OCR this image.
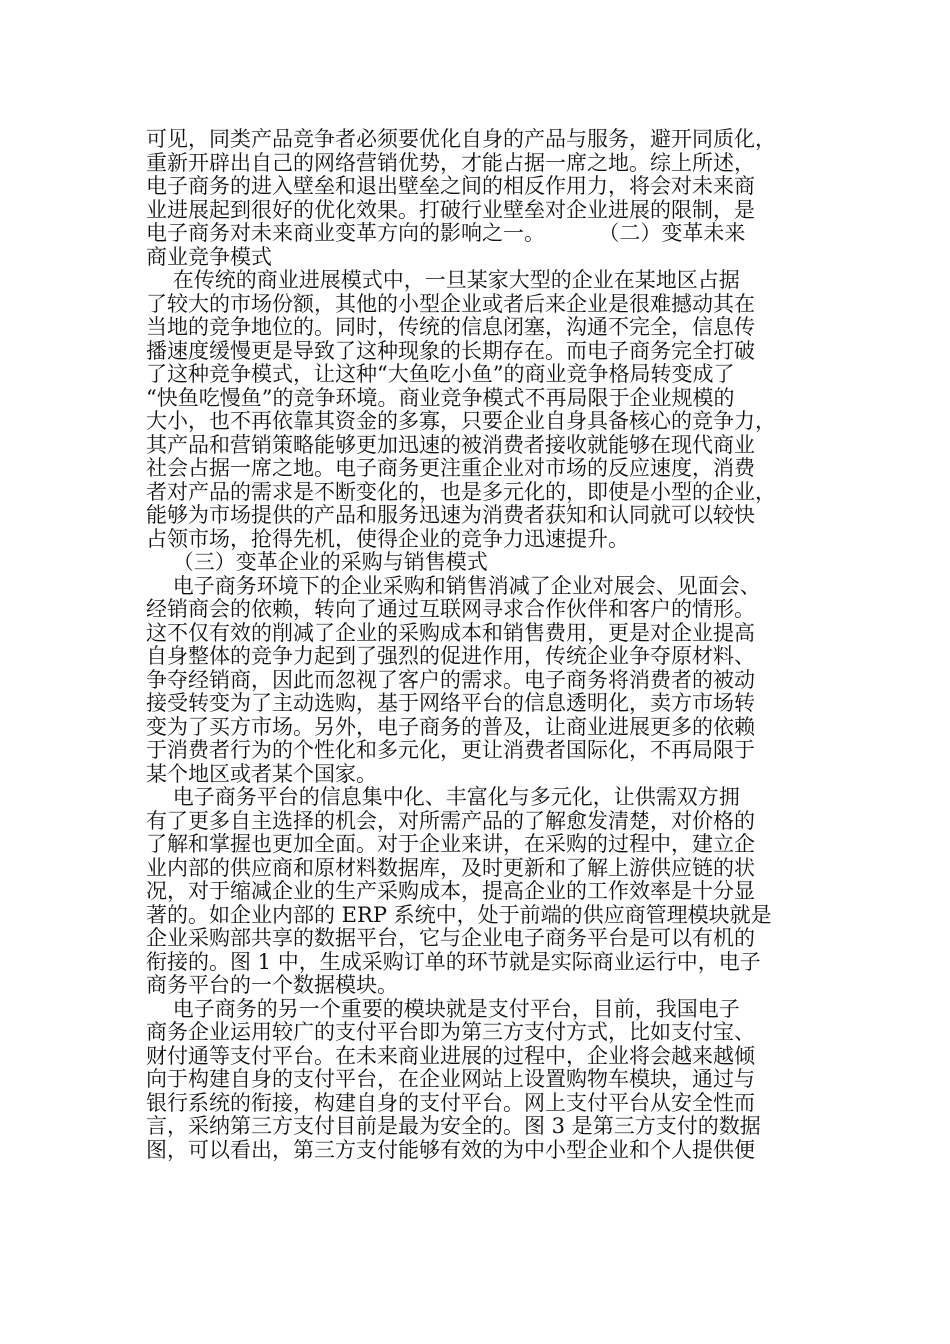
可见，同类产品竞争者必须要优化自身的产品与服务，避开同质化，
重新开辟出自己的网络营销优势，才能占据一席之地。综上所述，
电子商务的进入壁垒和退出壁垒之间的相反作用力，将会对未来商
业进展起到很好的优化效果。打破行业壁垒对企业进展的限制，是
电子商务对未来商业变革方向的影响之一。        （二）变革未来
商业竞争模式
在传统的商业进展模式中，一旦某家大型的企业在某地区占据
了较大的市场份额，其他的小型企业或者后来企业是很难撼动其在
当地的竞争地位的。同时，传统的信息闭塞，沟通不完全，信息传
播速度缓慢更是导致了这种现象的长期存在。而电子商务完全打破
了这种竞争模式，让这种“大鱼吃小鱼”的商业竞争格局转变成了
“快鱼吃慢鱼”的竞争环境。商业竞争模式不再局限于企业规模的
大小，也不再依靠其资金的多寡，只要企业自身具备核心的竞争力，
其产品和营销策略能够更加迅速的被消费者接收就能够在现代商业
社会占据一席之地。电子商务更注重企业对市场的反应速度，消费
者对产品的需求是不断变化的，也是多元化的，即使是小型的企业，
能够为市场提供的产品和服务迅速为消费者获知和认同就可以较快
占领市场，抢得先机，使得企业的竞争力迅速提升。
（三）变革企业的采购与销售模式
电子商务环境下的企业采购和销售消减了企业对展会、见面会、
经销商会的依赖，转向了通过互联网寻求合作伙伴和客户的情形。
这不仅有效的削减了企业的采购成本和销售费用，更是对企业提高
自身整体的竞争力起到了强烈的促进作用，传统企业争夺原材料、
争夺经销商，因此而忽视了客户的需求。电子商务将消费者的被动
接受转变为了主动选购，基于网络平台的信息透明化，卖方市场转
变为了买方市场。另外，电子商务的普及，让商业进展更多的依赖
于消费者行为的个性化和多元化，更让消费者国际化，不再局限于
某个地区或者某个国家。
电子商务平台的信息集中化、丰富化与多元化，让供需双方拥
有了更多自主选择的机会，对所需产品的了解愈发清楚，对价格的
了解和掌握也更加全面。对于企业来讲，在采购的过程中，建立企
业内部的供应商和原材料数据库，及时更新和了解上游供应链的状
况，对于缩减企业的生产采购成本，提高企业的工作效率是十分显
著的。如企业内部的 ERP 系统中，处于前端的供应商管理模块就是
企业采购部共享的数据平台，它与企业电子商务平台是可以有机的
衔接的。图 1 中，生成采购订单的环节就是实际商业运行中，电子
商务平台的一个数据模块。
电子商务的另一个重要的模块就是支付平台，目前，我国电子
商务企业运用较广的支付平台即为第三方支付方式，比如支付宝、
财付通等支付平台。在未来商业进展的过程中，企业将会越来越倾
向于构建自身的支付平台，在企业网站上设置购物车模块，通过与
银行系统的衔接，构建自身的支付平台。网上支付平台从安全性而
言，采纳第三方支付目前是最为安全的。图 3 是第三方支付的数据
图，可以看出，第三方支付能够有效的为中小型企业和个人提供便
